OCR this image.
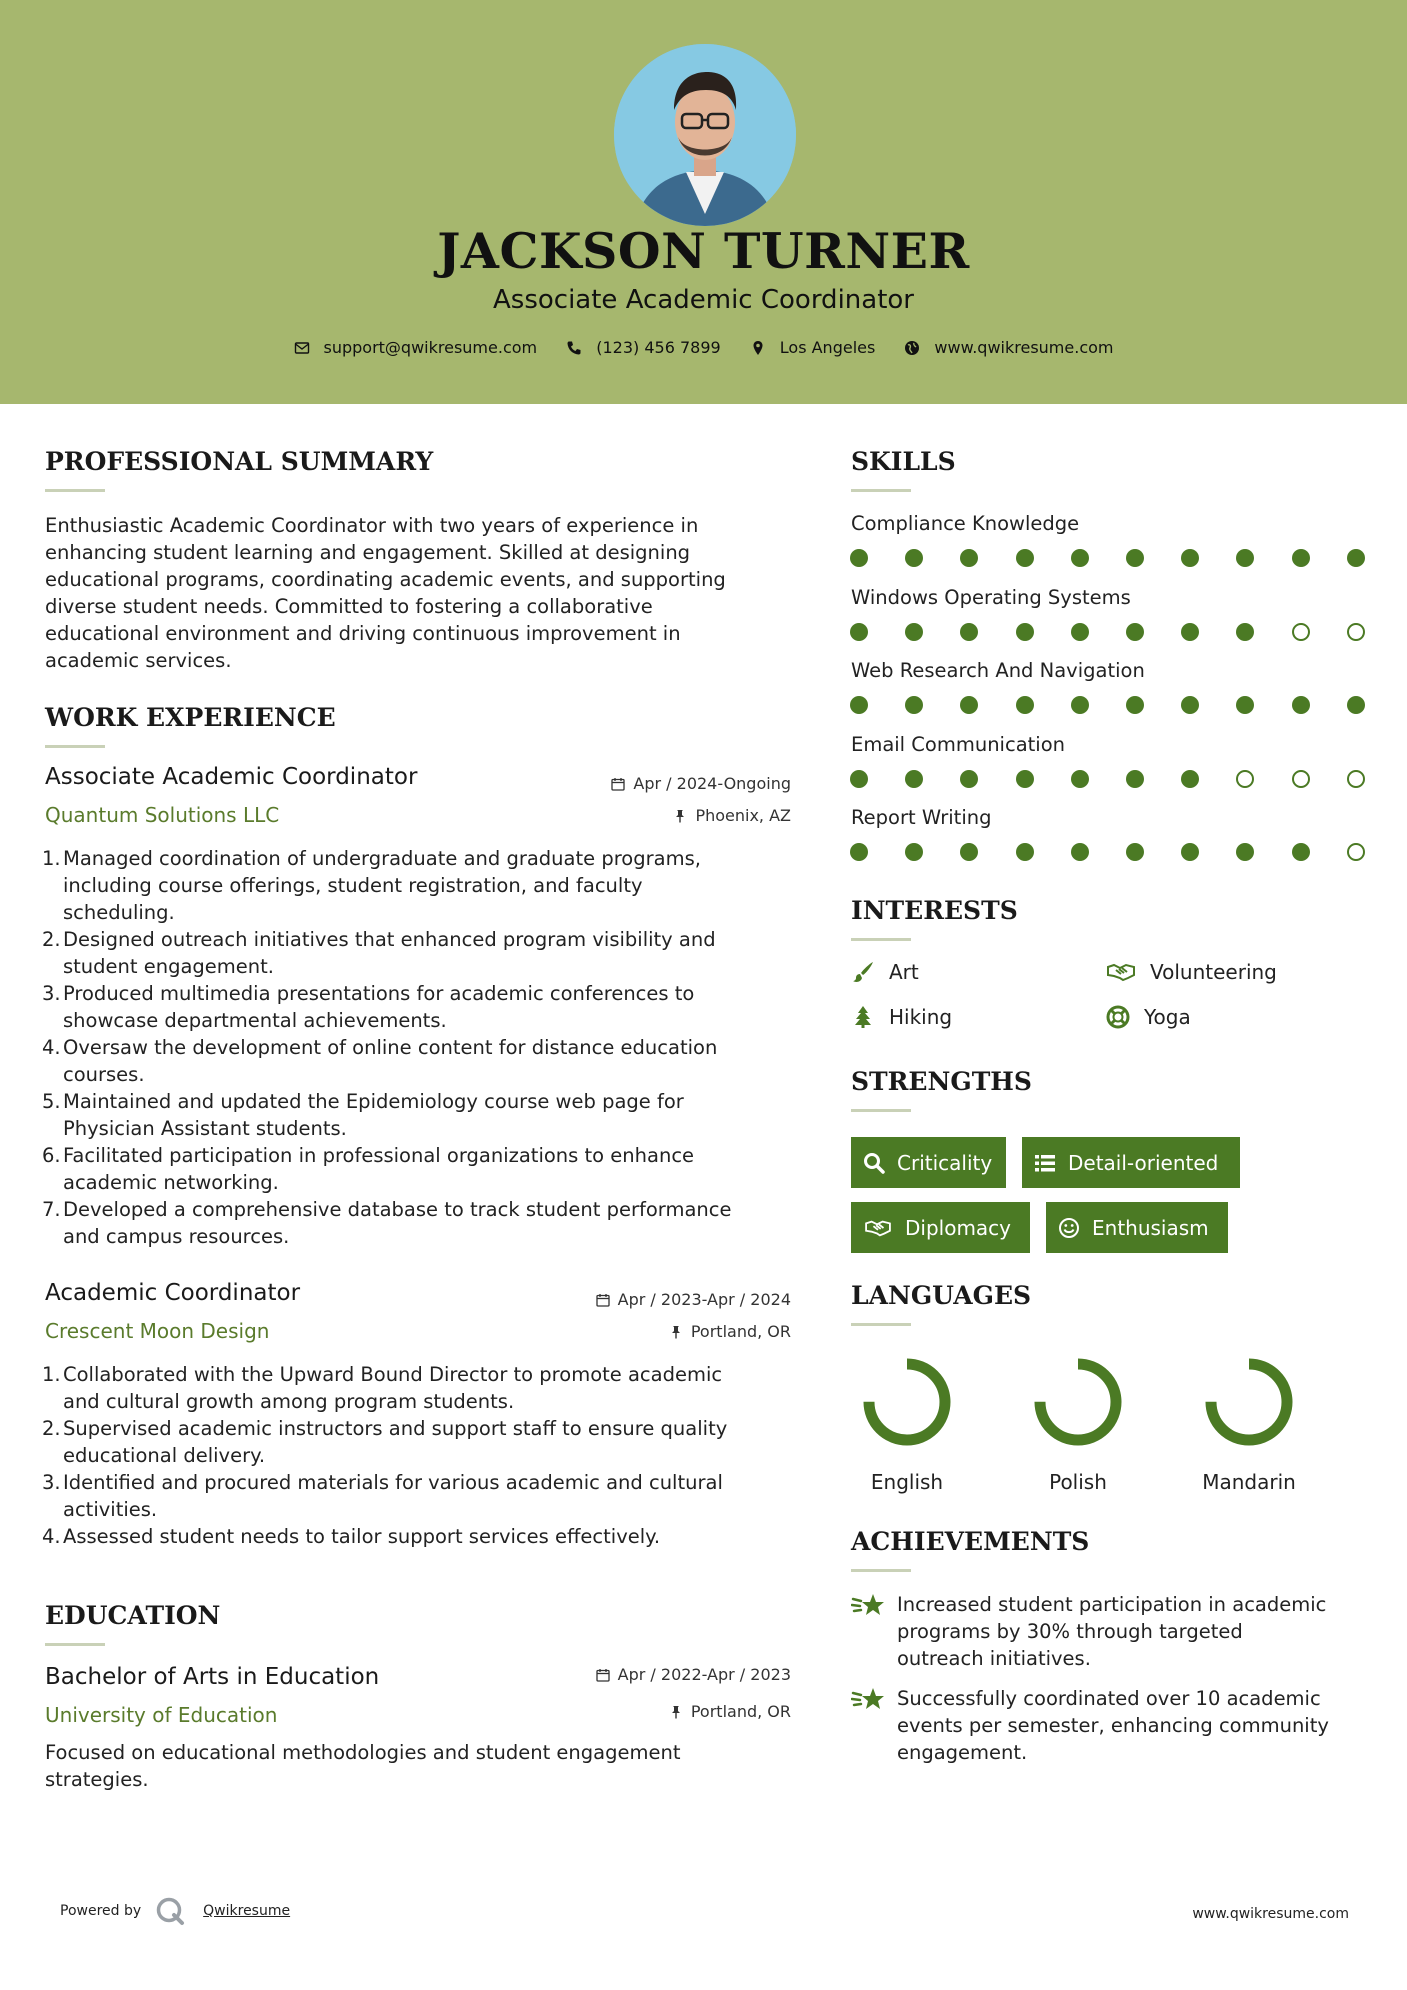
JACKSON TURNER
Associate Academic Coordinator
support@qwikresume.com
	(123) 456 7899
	Los Angeles
	www.qwikresume.com
PROFESSIONAL SUMMARY
Enthusiastic Academic Coordinator with two years of experience in
enhancing student learning and engagement. Skilled at designing
educational programs, coordinating academic events, and supporting
diverse student needs. Committed to fostering a collaborative
educational environment and driving continuous improvement in
academic services.
WORK EXPERIENCE
Associate Academic Coordinator
Quantum Solutions LLC
Apr / 2024-Ongoing
Phoenix, AZ
1. Managed coordination of undergraduate and graduate programs,
including course offerings, student registration, and faculty
scheduling.
2. Designed outreach initiatives that enhanced program visibility and
student engagement.
3. Produced multimedia presentations for academic conferences to
showcase departmental achievements.
4. Oversaw the development of online content for distance education
courses.
5. Maintained and updated the Epidemiology course web page for
Physician Assistant students.
6. Facilitated participation in professional organizations to enhance
academic networking.
7. Developed a comprehensive database to track student performance
and campus resources.
Academic Coordinator
Crescent Moon Design
Apr / 2023-Apr / 2024
Portland, OR
1. Collaborated with the Upward Bound Director to promote academic
and cultural growth among program students.
2. Supervised academic instructors and support staff to ensure quality
educational delivery.
3. Identified and procured materials for various academic and cultural
activities.
4. Assessed student needs to tailor support services effectively.
EDUCATION
Bachelor of Arts in Education
University of Education
Apr / 2022-Apr / 2023
Portland, OR
Focused on educational methodologies and student engagement
strategies.
SKILLS
Compliance Knowledge
Windows Operating Systems
Web Research And Navigation
Email Communication
Report Writing
INTERESTS
Art	Volunteering
Hiking	Yoga
STRENGTHS
Criticality	Detail-oriented
Diplomacy	Enthusiasm
LANGUAGES
English	Polish	Mandarin
ACHIEVEMENTS
Increased student participation in academic
programs by 30% through targeted
outreach initiatives.
Successfully coordinated over 10 academic
events per semester, enhancing community
engagement.
Powered by	Qwikresume	www.qwikresume.com
